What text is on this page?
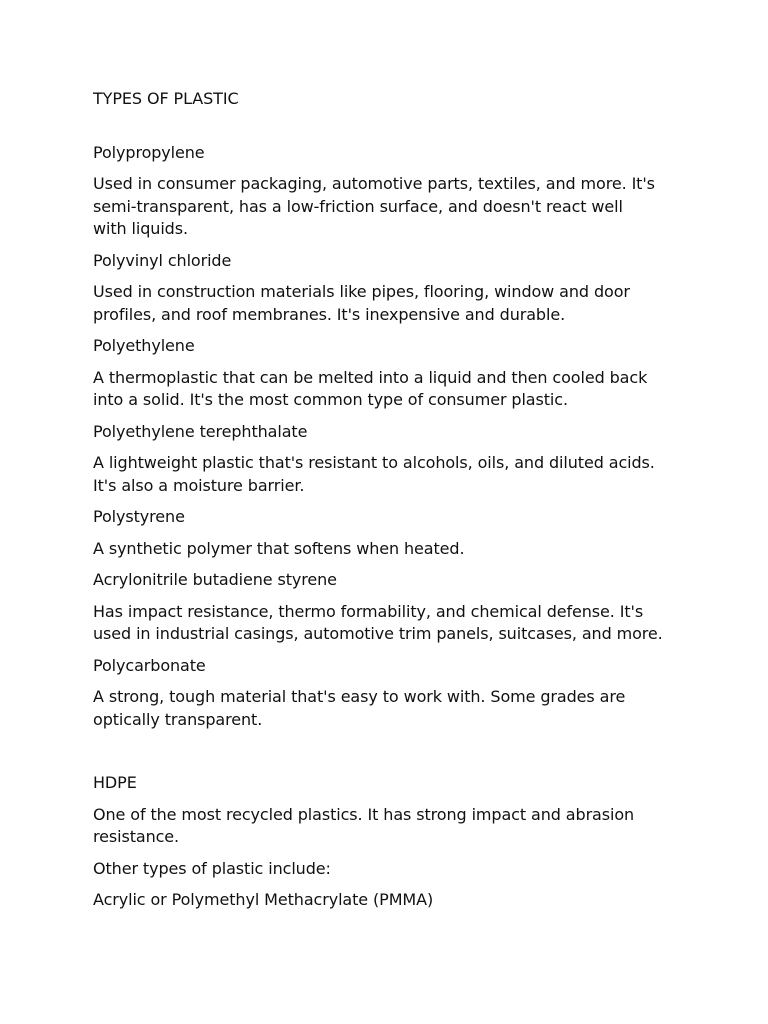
TYPES OF PLASTIC
Polypropylene
Used in consumer packaging, automotive parts, textiles, and more. It's
semi-transparent, has a low-friction surface, and doesn't react well
with liquids.
Polyvinyl chloride
Used in construction materials like pipes, flooring, window and door
profiles, and roof membranes. It's inexpensive and durable.
Polyethylene
A thermoplastic that can be melted into a liquid and then cooled back
into a solid. It's the most common type of consumer plastic.
Polyethylene terephthalate
A lightweight plastic that's resistant to alcohols, oils, and diluted acids.
It's also a moisture barrier.
Polystyrene
A synthetic polymer that softens when heated.
Acrylonitrile butadiene styrene
Has impact resistance, thermo formability, and chemical defense. It's
used in industrial casings, automotive trim panels, suitcases, and more.
Polycarbonate
A strong, tough material that's easy to work with. Some grades are
optically transparent.
HDPE
One of the most recycled plastics. It has strong impact and abrasion
resistance.
Other types of plastic include:
Acrylic or Polymethyl Methacrylate (PMMA)
